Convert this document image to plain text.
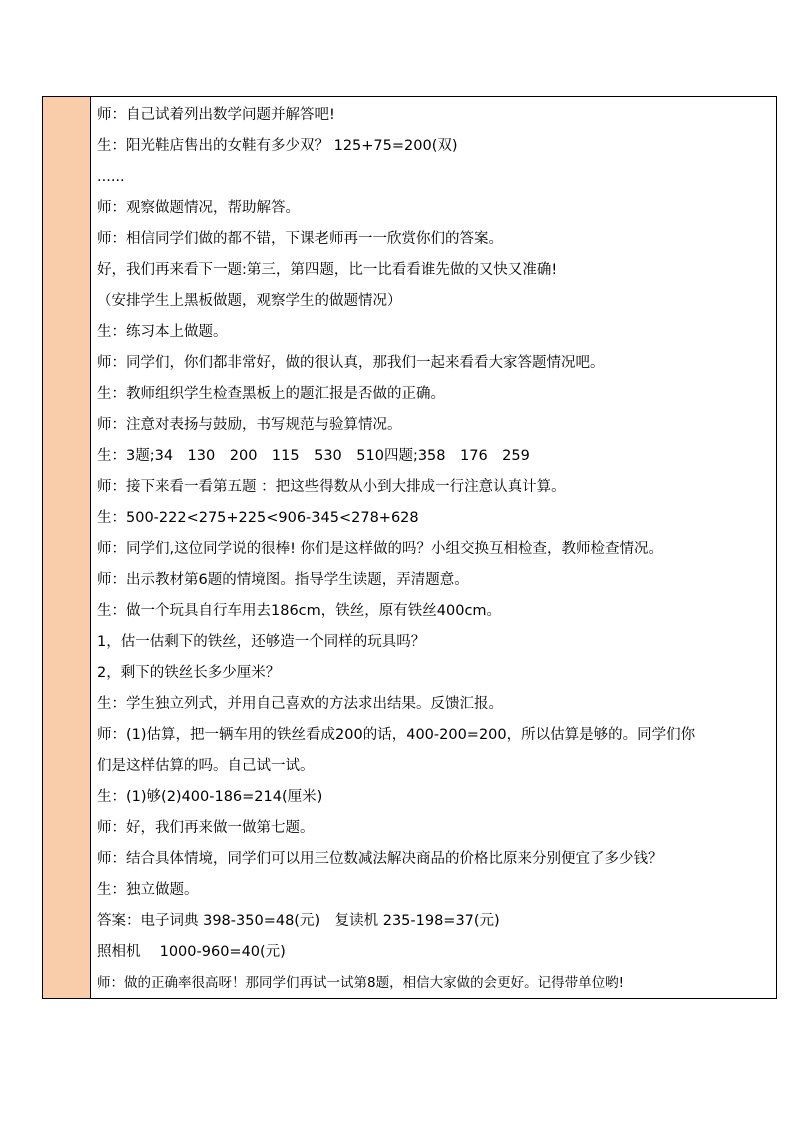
师：自己试着列出数学问题并解答吧!
生：阳光鞋店售出的女鞋有多少双？ 125+75=200(双)
......
师：观察做题情况，帮助解答。
师：相信同学们做的都不错，下课老师再一一欣赏你们的答案。
好，我们再来看下一题:第三，第四题，比一比看看谁先做的又快又准确!
（安排学生上黑板做题，观察学生的做题情况）
生：练习本上做题。
师：同学们，你们都非常好，做的很认真，那我们一起来看看大家答题情况吧。
生：教师组织学生检查黑板上的题汇报是否做的正确。
师：注意对表扬与鼓励，书写规范与验算情况。
生：3题;34　130　200　115　530　510四题;358　176　259
师：接下来看一看第五题 ：把这些得数从小到大排成一行注意认真计算。
生：500-222<275+225<906-345<278+628
师：同学们,这位同学说的很棒! 你们是这样做的吗？小组交换互相检查，教师检查情况。
师：出示教材第6题的情境图。指导学生读题，弄清题意。
生：做一个玩具自行车用去186cm，铁丝，原有铁丝400cm。
1，估一估剩下的铁丝，还够造一个同样的玩具吗？
2，剩下的铁丝长多少厘米？
生：学生独立列式，并用自己喜欢的方法求出结果。反馈汇报。
师：(1)估算，把一辆车用的铁丝看成200的话，400-200=200，所以估算是够的。同学们你
们是这样估算的吗。自己试一试。
生：(1)够(2)400-186=214(厘米)
师：好，我们再来做一做第七题。
师：结合具体情境，同学们可以用三位数减法解决商品的价格比原来分别便宜了多少钱？
生：独立做题。
答案：电子词典 398-350=48(元)　复读机 235-198=37(元)
照相机　 1000-960=40(元)
师：做的正确率很高呀！那同学们再试一试第8题，相信大家做的会更好。记得带单位哟!
